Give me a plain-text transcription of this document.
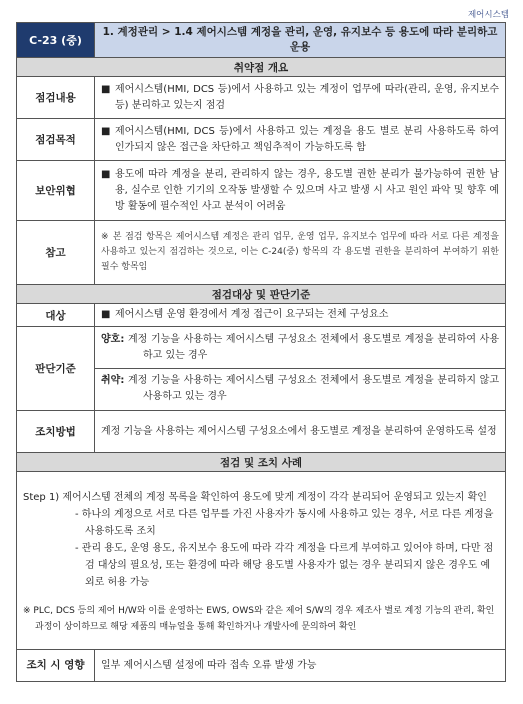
제어시스템
C-23 (중)	1. 계정관리 > 1.4 제어시스템 계정을 관리, 운영, 유지보수 등 용도에 따라 분리하고 운용
취약점 개요	
점검내용	■ 제어시스템(HMI, DCS 등)에서 사용하고 있는 계정이 업무에 따라(관리, 운영, 유지보수 등) 분리하고 있는지 점검

점검목적	■ 제어시스템(HMI, DCS 등)에서 사용하고 있는 계정을 용도 별로 분리 사용하도록 하여 인가되지 않은 접근을 차단하고 책임추적이 가능하도록 함

보안위협	■ 용도에 따라 계정을 분리, 관리하지 않는 경우, 용도별 권한 분리가 불가능하여 권한 남용, 실수로 인한 기기의 오작동 발생할 수 있으며 사고 발생 시 사고 원인 파악 및 향후 예방 활동에 필수적인 사고 분석이 어려움

참고	※ 본 점검 항목은 제어시스템 계정은 관리 업무, 운영 업무, 유지보수 업무에 따라 서로 다른 계정을 사용하고 있는지 점검하는 것으로, 이는 C-24(중) 항목의 각 용도별 권한을 분리하여 부여하기 위한 필수 항목임
점검대상 및 판단기준	
대상	■ 제어시스템 운영 환경에서 계정 접근이 요구되는 전체 구성요소

판단기준	양호: 계정 기능을 사용하는 제어시스템 구성요소 전체에서 용도별로 계정을 분리하여 사용하고 있는 경우
취약: 계정 기능을 사용하는 제어시스템 구성요소 전체에서 용도별로 계정을 분리하지 않고 사용하고 있는 경우

조치방법	계정 기능을 사용하는 제어시스템 구성요소에서 용도별로 계정을 분리하여 운영하도록 설정
점검 및 조치 사례	

Step 1) 제어시스템 전체의 계정 목록을 확인하여 용도에 맞게 계정이 각각 분리되어 운영되고 있는지 확인
- 하나의 계정으로 서로 다른 업무를 가진 사용자가 동시에 사용하고 있는 경우, 서로 다른 계정을 사용하도록 조치
- 관리 용도, 운영 용도, 유지보수 용도에 따라 각각 계정을 다르게 부여하고 있어야 하며, 다만 점검 대상의 필요성, 또는 환경에 따라 해당 용도별 사용자가 없는 경우 분리되지 않은 경우도 예외로 허용 가능
※ PLC, DCS 등의 제어 H/W와 이를 운영하는 EWS, OWS와 같은 제어 S/W의 경우 제조사 별로 계정 기능의 관리, 확인 과정이 상이하므로 해당 제품의 매뉴얼을 통해 확인하거나 개발사에 문의하여 확인	

조치 시 영향	일부 제어시스템 설정에 따라 접속 오류 발생 가능
